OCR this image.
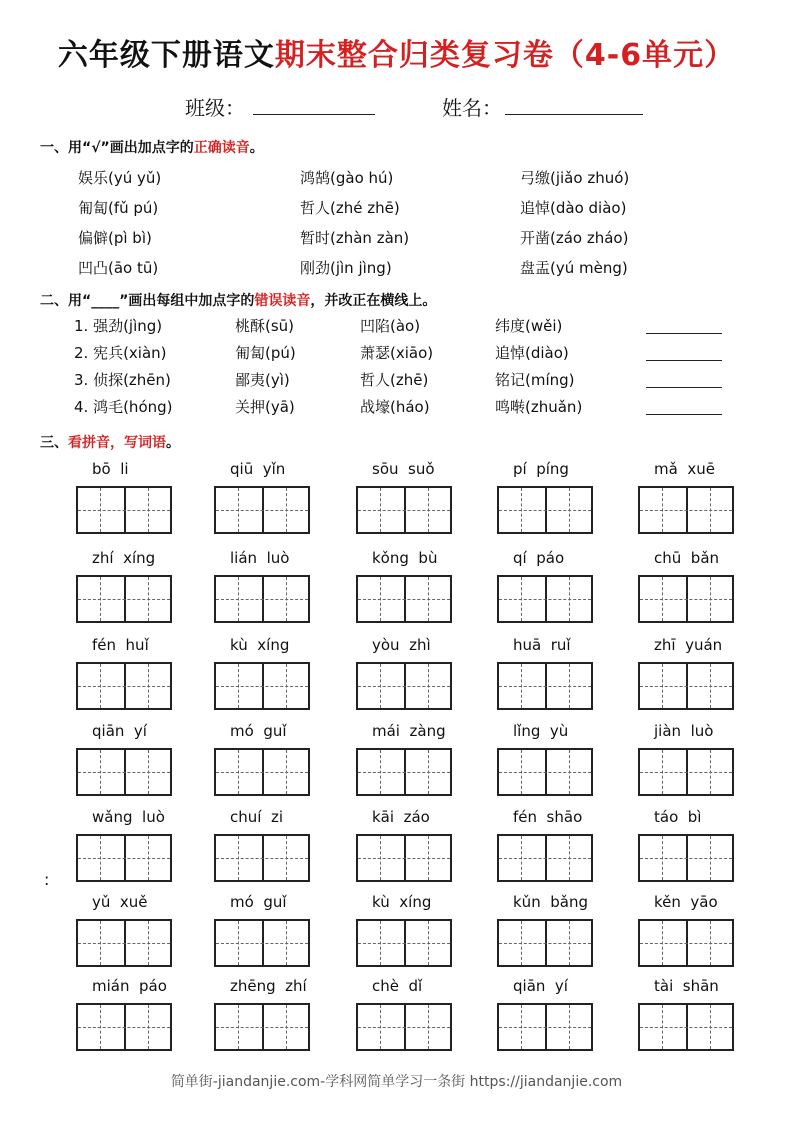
六年级下册语文期末整合归类复习卷（4-6单元）
班级：	姓名：
一、用“√”画出加点字的正确读音。
娱乐(yú yǔ)	鸿鹄(gào hú)	弓缴(jiǎo zhuó)
匍匐(fǔ pú)	哲人(zhé zhē)	追悼(dào diào)
偏僻(pì bì)	暂时(zhàn zàn)	开凿(záo zháo)
凹凸(āo tū)	刚劲(jìn jìng)	盘盂(yú mèng)
二、用“____”画出每组中加点字的错误读音，并改正在横线上。
1. 强劲(jìng)	桃酥(sū)	凹陷(ào)	纬度(wěi)
2. 宪兵(xiàn)	匍匐(pú)	萧瑟(xiāo)	追悼(diào)
3. 侦探(zhēn)	鄙夷(yì)	哲人(zhē)	铭记(míng)
4. 鸿毛(hóng)	关押(yā)	战壕(háo)	鸣啭(zhuǎn)
三、看拼音，写词语。
bō  li	qiū  yǐn	sōu  suǒ	pí  píng	mǎ  xuē
zhí  xíng	lián  luò	kǒng  bù	qí  páo	chū  bǎn
fén  huǐ	kù  xíng	yòu  zhì	huā  ruǐ	zhī  yuán
qiān  yí	mó  guǐ	mái  zàng	lǐng  yù	jiàn  luò
wǎng  luò	chuí  zi	kāi  záo	fén  shāo	táo  bì
yǔ  xuě	mó  guǐ	kù  xíng	kǔn  bǎng	kěn  yāo
mián  páo	zhēng  zhí	chè  dǐ	qiān  yí	tài  shān
:
简单街-jiandanjie.com-学科网简单学习一条街 https://jiandanjie.com
